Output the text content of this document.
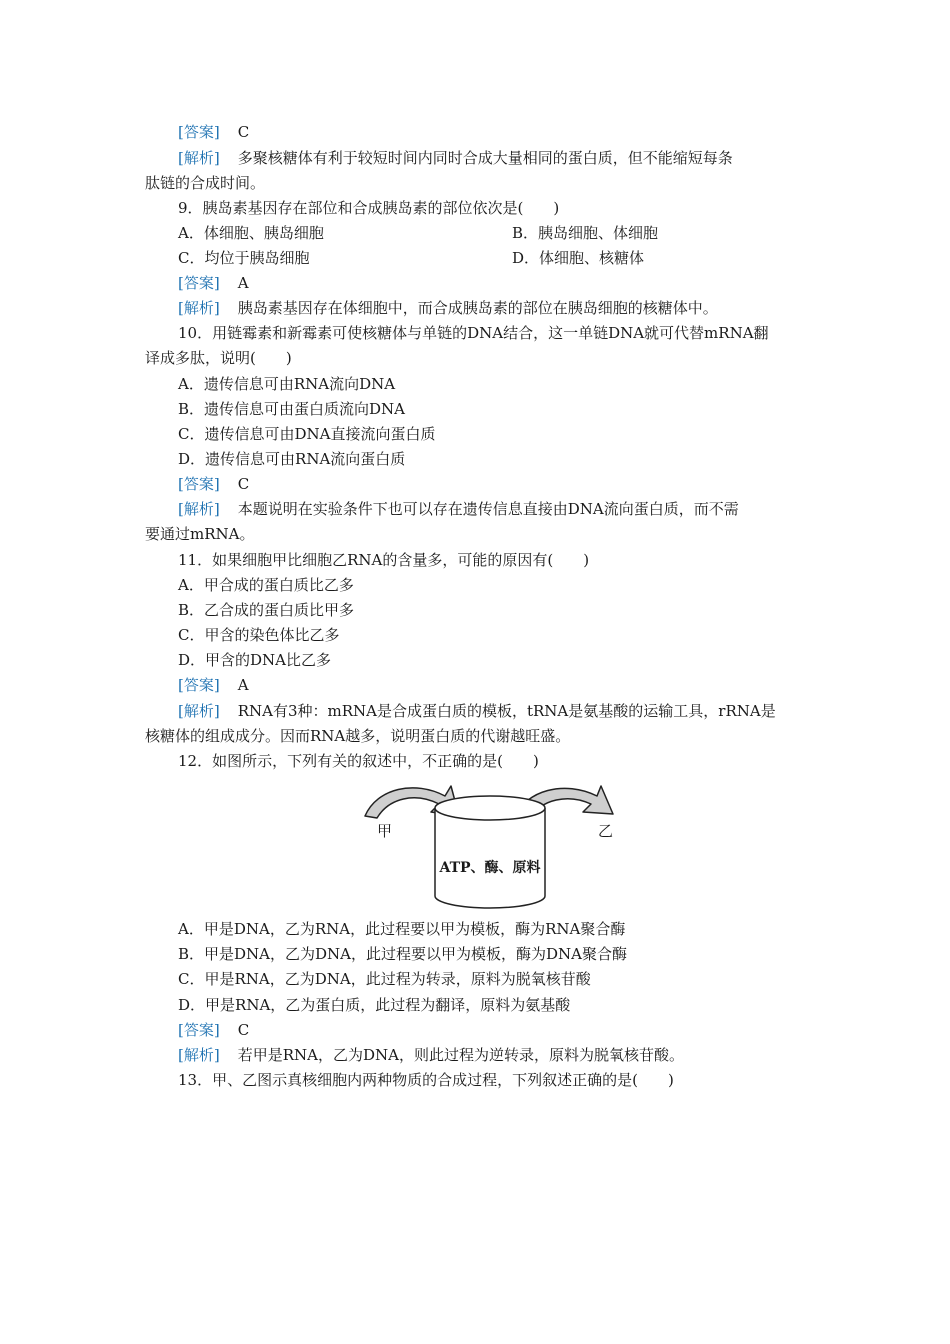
[答案] C
[解析] 多聚核糖体有利于较短时间内同时合成大量相同的蛋白质，但不能缩短每条
肽链的合成时间。
9．胰岛素基因存在部位和合成胰岛素的部位依次是(　　)
A．体细胞、胰岛细胞	B．胰岛细胞、体细胞
C．均位于胰岛细胞	D．体细胞、核糖体
[答案] A
[解析] 胰岛素基因存在体细胞中，而合成胰岛素的部位在胰岛细胞的核糖体中。
10．用链霉素和新霉素可使核糖体与单链的DNA结合，这一单链DNA就可代替mRNA翻
译成多肽，说明(　　)
A．遗传信息可由RNA流向DNA
B．遗传信息可由蛋白质流向DNA
C．遗传信息可由DNA直接流向蛋白质
D．遗传信息可由RNA流向蛋白质
[答案] C
[解析] 本题说明在实验条件下也可以存在遗传信息直接由DNA流向蛋白质，而不需
要通过mRNA。
11．如果细胞甲比细胞乙RNA的含量多，可能的原因有(　　)
A．甲合成的蛋白质比乙多
B．乙合成的蛋白质比甲多
C．甲含的染色体比乙多
D．甲含的DNA比乙多
[答案] A
[解析] RNA有3种：mRNA是合成蛋白质的模板，tRNA是氨基酸的运输工具，rRNA是
核糖体的组成成分。因而RNA越多，说明蛋白质的代谢越旺盛。
12．如图所示，下列有关的叙述中，不正确的是(　　)
甲	乙
ATP、酶、原料
A．甲是DNA，乙为RNA，此过程要以甲为模板，酶为RNA聚合酶
B．甲是DNA，乙为DNA，此过程要以甲为模板，酶为DNA聚合酶
C．甲是RNA，乙为DNA，此过程为转录，原料为脱氧核苷酸
D．甲是RNA，乙为蛋白质，此过程为翻译，原料为氨基酸
[答案] C
[解析] 若甲是RNA，乙为DNA，则此过程为逆转录，原料为脱氧核苷酸。
13．甲、乙图示真核细胞内两种物质的合成过程，下列叙述正确的是(　　)
